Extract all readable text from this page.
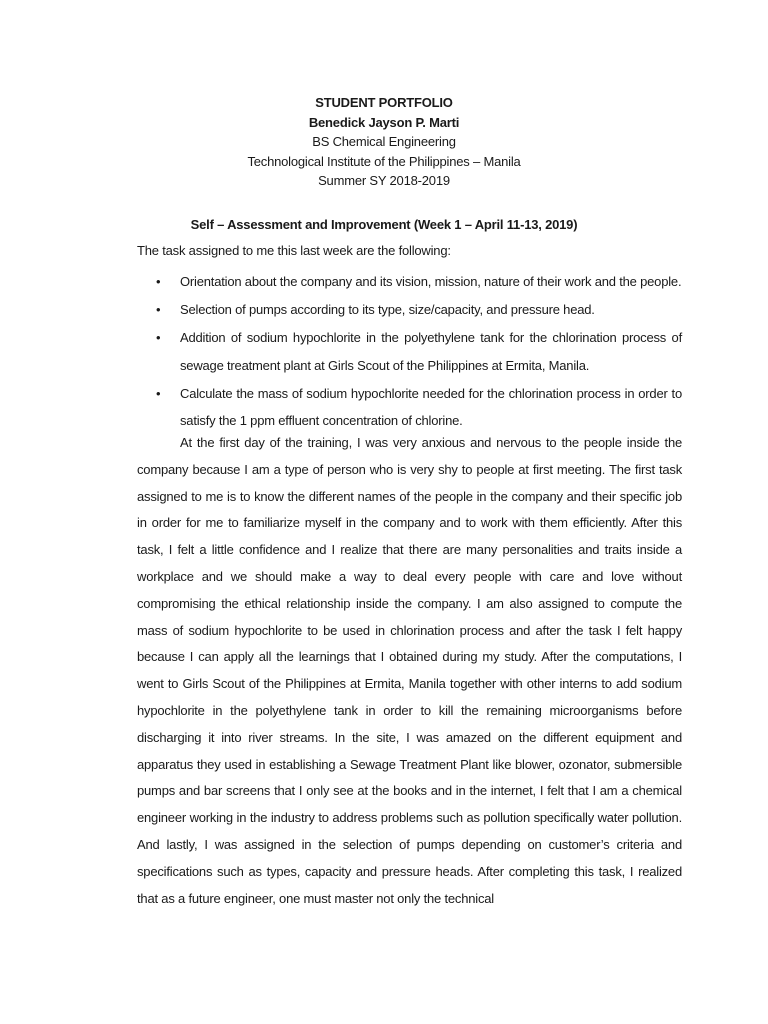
STUDENT PORTFOLIO
Benedick Jayson P. Marti
BS Chemical Engineering
Technological Institute of the Philippines – Manila
Summer SY 2018-2019
Self – Assessment and Improvement (Week 1 – April 11-13, 2019)
The task assigned to me this last week are the following:
• Orientation about the company and its vision, mission, nature of their work and the people.
• Selection of pumps according to its type, size/capacity, and pressure head.
• Addition of sodium hypochlorite in the polyethylene tank for the chlorination process of sewage treatment plant at Girls Scout of the Philippines at Ermita, Manila.
• Calculate the mass of sodium hypochlorite needed for the chlorination process in order to satisfy the 1 ppm effluent concentration of chlorine.

At the first day of the training, I was very anxious and nervous to the people inside the company because I am a type of person who is very shy to people at first meeting. The first task assigned to me is to know the different names of the people in the company and their specific job in order for me to familiarize myself in the company and to work with them efficiently. After this task, I felt a little confidence and I realize that there are many personalities and traits inside a workplace and we should make a way to deal every people with care and love without compromising the ethical relationship inside the company. I am also assigned to compute the mass of sodium hypochlorite to be used in chlorination process and after the task I felt happy because I can apply all the learnings that I obtained during my study. After the computations, I went to Girls Scout of the Philippines at Ermita, Manila together with other interns to add sodium hypochlorite in the polyethylene tank in order to kill the remaining microorganisms before discharging it into river streams. In the site, I was amazed on the different equipment and apparatus they used in establishing a Sewage Treatment Plant like blower, ozonator, submersible pumps and bar screens that I only see at the books and in the internet, I felt that I am a chemical engineer working in the industry to address problems such as pollution specifically water pollution. And lastly, I was assigned in the selection of pumps depending on customer’s criteria and specifications such as types, capacity and pressure heads. After completing this task, I realized that as a future engineer, one must master not only the technical
